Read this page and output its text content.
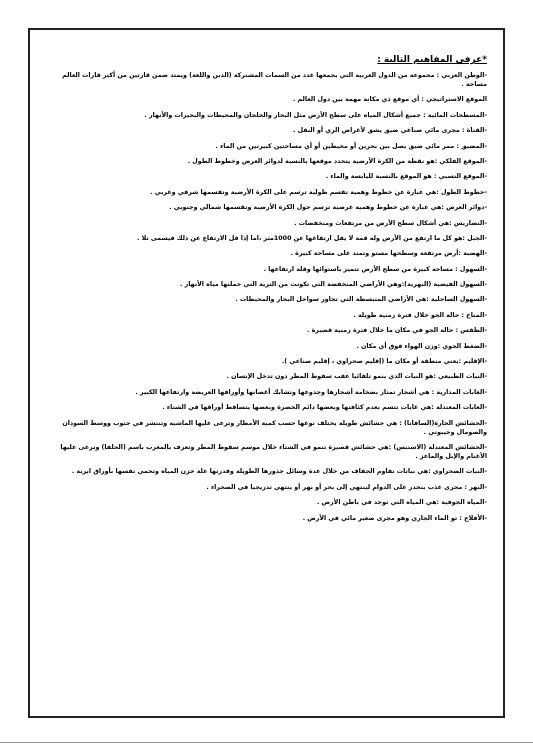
*عرفي المفاهيم التالية :
-الوطن العربي : مجموعة من الدول العربية التي يجمعها عدد من السمات المشتركة (الدين واللغة) ويمتد ضمن قارتين من أكبر قارات العالم مساحة .
الموقع الاستراتيجي : أي موقع ذي مكانة مهمة بين دول العالم .
-المسطحات المائية : جميع أشكال المياه على سطح الأرض مثل البحار والخلجان والمحيطات والبحيرات والأنهار .
-القناة : مجرى مائي صناعي ضيق يشق لأغراض الري أو النقل .
-المضيق : ممر مائي ضيق يصل بين بحرين أو محيطين أو أي مساحتين كبيرتين من الماء .
-الموقع الفلكي :هو نقطة من الكرة الأرضية يتحدد موقعها بالنسبة لدوائر العرض وخطوط الطول .
-الموقع النسبي : هو الموقع بالنسبة لليابسة والماء .
-خطوط الطول :هي عبارة عن خطوط وهمية تقسم طولية ترسم على الكرة الأرضية وتقسمها شرقي وغربي .
-دوائر العرض :هي عبارة عن خطوط وهمية عرضية ترسم حول الكرة الأرضية وتقسمها شمالي وجنوبي .
-التضاريس :هي أشكال سطح الأرض من مرتفعات ومنخفضات .
-الجبل :هو كل ما ارتفع من الأرض وله قمة لا يقل ارتفاعها عن 1000متر ،اما إذا قل الارتفاع عن ذلك فيسمى تلا .
-الهضبة :أرض مرتفعة وسطحها مستو وتمتد على مساحة كبيرة .
-السهول : مساحة كبيرة من سطح الأرض تتميز باستوائها وقلة ارتفاعها .
-السهول الفيضية (النهرية):وهي الأراضي المنخفضة التي تكونت من التربة التي حملتها مياه الأنهار .
-السهول الساحلية :هي الأراضي المنبسطة التي تجاور سواحل البحار والمحيطات .
-المناخ : حالة الجو خلال فترة زمنية طويلة .
-الطقس : حالة الجو في مكان ما خلال فترة زمنية قصيرة .
-الضغط الجوي :وزن الهواء فوق أي مكان .
-الإقليم :يعني منطقة أو مكان ما (إقليم صحراوي ، إقليم صناعي ).
-النبات الطبيعي :هو النبات الذي ينمو تلقائيا عقب سقوط المطر دون تدخل الإنسان .
-الغابات المدارية : هي أشجار تمتاز بضخامة أشجارها وجذوعها وتشابك أغصانها وأوراقها العريضة وارتفاعها الكبير .
-الغابات المعتدلة :هي غابات تتسم بعدم كثافتها وبعضها دائم الخضرة وبعضها يتساقط أوراقها في الشتاء .
-الحشائش الحارة(السافانا) : هي حشائش طويلة يختلف نوعها حسب كمية الأمطار وترعى عليها الماشية وتنتشر في جنوب ووسط السودان والصومال وجيبوتي .
-الحشائش المعتدلة (الاستبس) :هي حشائش قصيرة تنمو في الشتاء خلال موسم سقوط المطر وتعرف بالمغرب باسم (الحلفا) وترعى عليها الأغنام والإبل والماعز .
-النبات الصحراوي :هي نباتات تقاوم الجفاف من خلال عدة وسائل جذورها الطويلة وقدرتها علة خزن المياه وتحمي نفسها بأوراق ابرية .
-النهر : مجرى عذب ينحدر على الدوام لينتهي إلى بحر أو نهر أو ينتهي تدريجيا في الصحراء .
-المياه الجوفية :هي المياه التي توجد في باطن الأرض .
-الأفلاج : تو الماء الجاري وهو مجرى صغير مائي في الأرض .
